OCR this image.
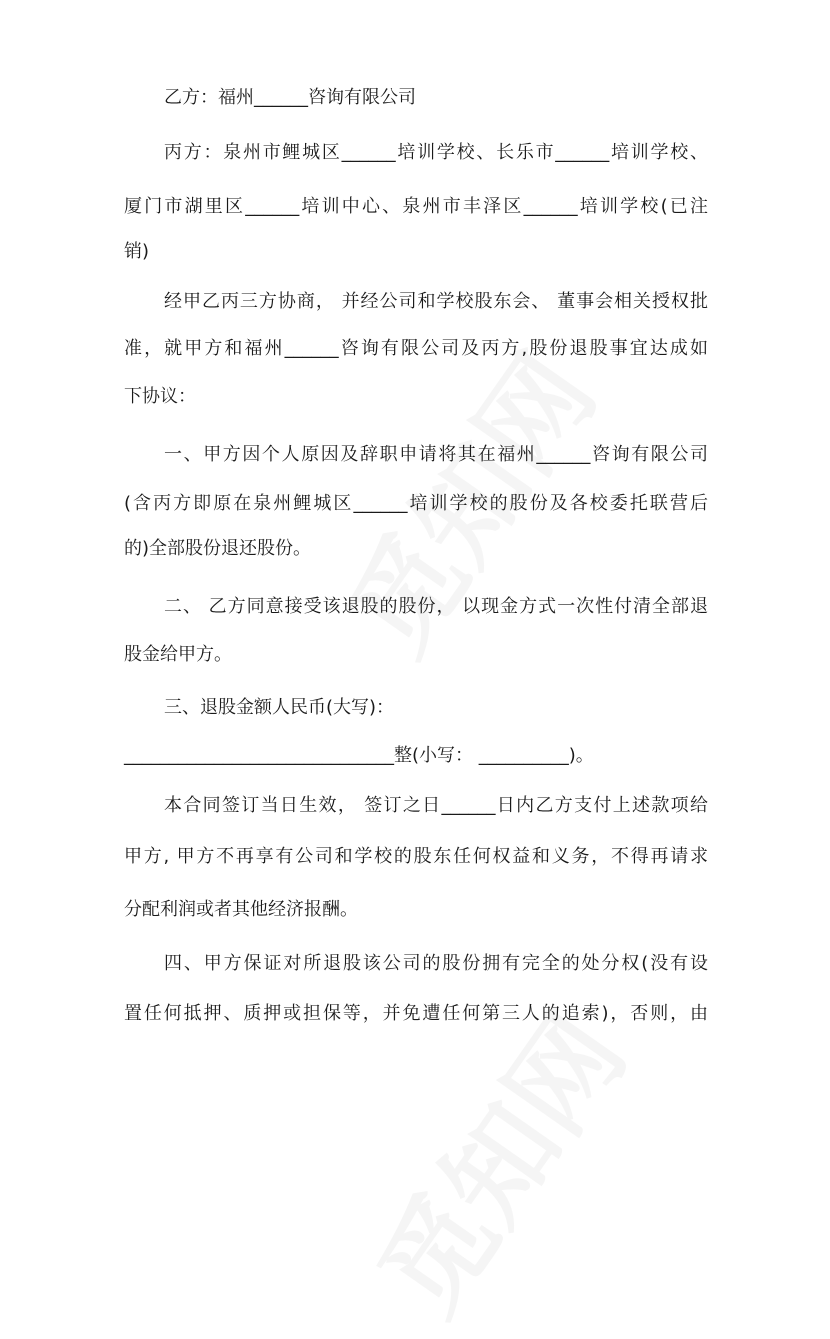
乙方：福州______咨询有限公司
丙方：泉州市鲤城区______培训学校、长乐市______培训学校、
厦门市湖里区______培训中心、泉州市丰泽区______培训学校(已注
销)
经甲乙丙三方协商， 并经公司和学校股东会、 董事会相关授权批
准，就甲方和福州______咨询有限公司及丙方,股份退股事宜达成如
下协议：
一、甲方因个人原因及辞职申请将其在福州______咨询有限公司
(含丙方即原在泉州鲤城区______培训学校的股份及各校委托联营后
的)全部股份退还股份。
二、 乙方同意接受该退股的股份， 以现金方式一次性付清全部退
股金给甲方。
三、退股金额人民币(大写)：
______________________________整(小写： __________)。
本合同签订当日生效， 签订之日______日内乙方支付上述款项给
甲方, 甲方不再享有公司和学校的股东任何权益和义务，不得再请求
分配利润或者其他经济报酬。
四、甲方保证对所退股该公司的股份拥有完全的处分权(没有设
置任何抵押、质押或担保等，并免遭任何第三人的追索)，否则，由
